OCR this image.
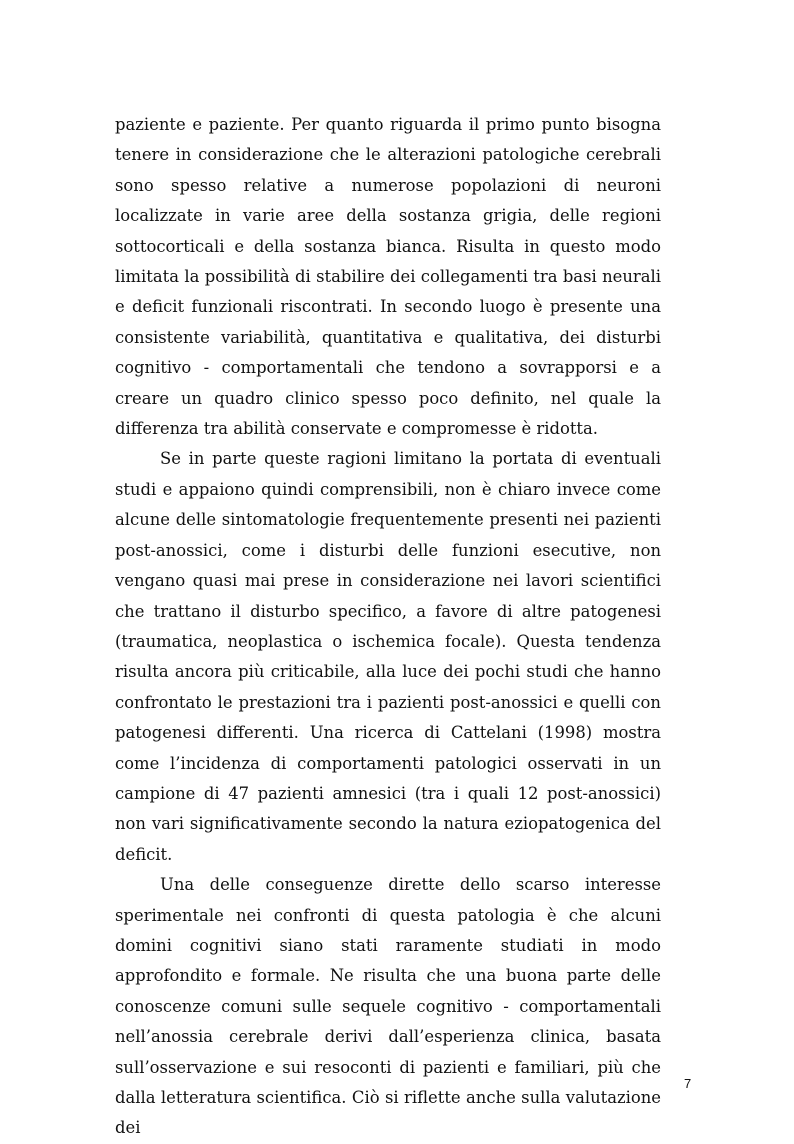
paziente e paziente. Per quanto riguarda il primo punto bisogna tenere in considerazione che le alterazioni patologiche cerebrali sono spesso relative a numerose popolazioni di neuroni localizzate in varie aree della sostanza grigia, delle regioni sottocorticali e della sostanza bianca. Risulta in questo modo limitata la possibilità di stabilire dei collegamenti tra basi neurali e deficit funzionali riscontrati. In secondo luogo è presente una consistente variabilità, quantitativa e qualitativa, dei disturbi cognitivo - comportamentali che tendono a sovrapporsi e a creare un quadro clinico spesso poco definito, nel quale la differenza tra abilità conservate e compromesse è ridotta.

Se in parte queste ragioni limitano la portata di eventuali studi e appaiono quindi comprensibili, non è chiaro invece come alcune delle sintomatologie frequentemente presenti nei pazienti post-anossici, come i disturbi delle funzioni esecutive, non vengano quasi mai prese in considerazione nei lavori scientifici che trattano il disturbo specifico, a favore di altre patogenesi (traumatica, neoplastica o ischemica focale). Questa tendenza risulta ancora più criticabile, alla luce dei pochi studi che hanno confrontato le prestazioni tra i pazienti post-anossici e quelli con patogenesi differenti. Una ricerca di Cattelani (1998) mostra come l’incidenza di comportamenti patologici osservati in un campione di 47 pazienti amnesici (tra i quali 12 post-anossici) non vari significativamente secondo la natura eziopatogenica del deficit.

Una delle conseguenze dirette dello scarso interesse sperimentale nei confronti di questa patologia è che alcuni domini cognitivi siano stati raramente studiati in modo approfondito e formale. Ne risulta che una buona parte delle conoscenze comuni sulle sequele cognitivo - comportamentali nell’anossia cerebrale derivi dall’esperienza clinica, basata sull’osservazione e sui resoconti di pazienti e familiari, più che dalla letteratura scientifica. Ciò si riflette anche sulla valutazione dei

7
